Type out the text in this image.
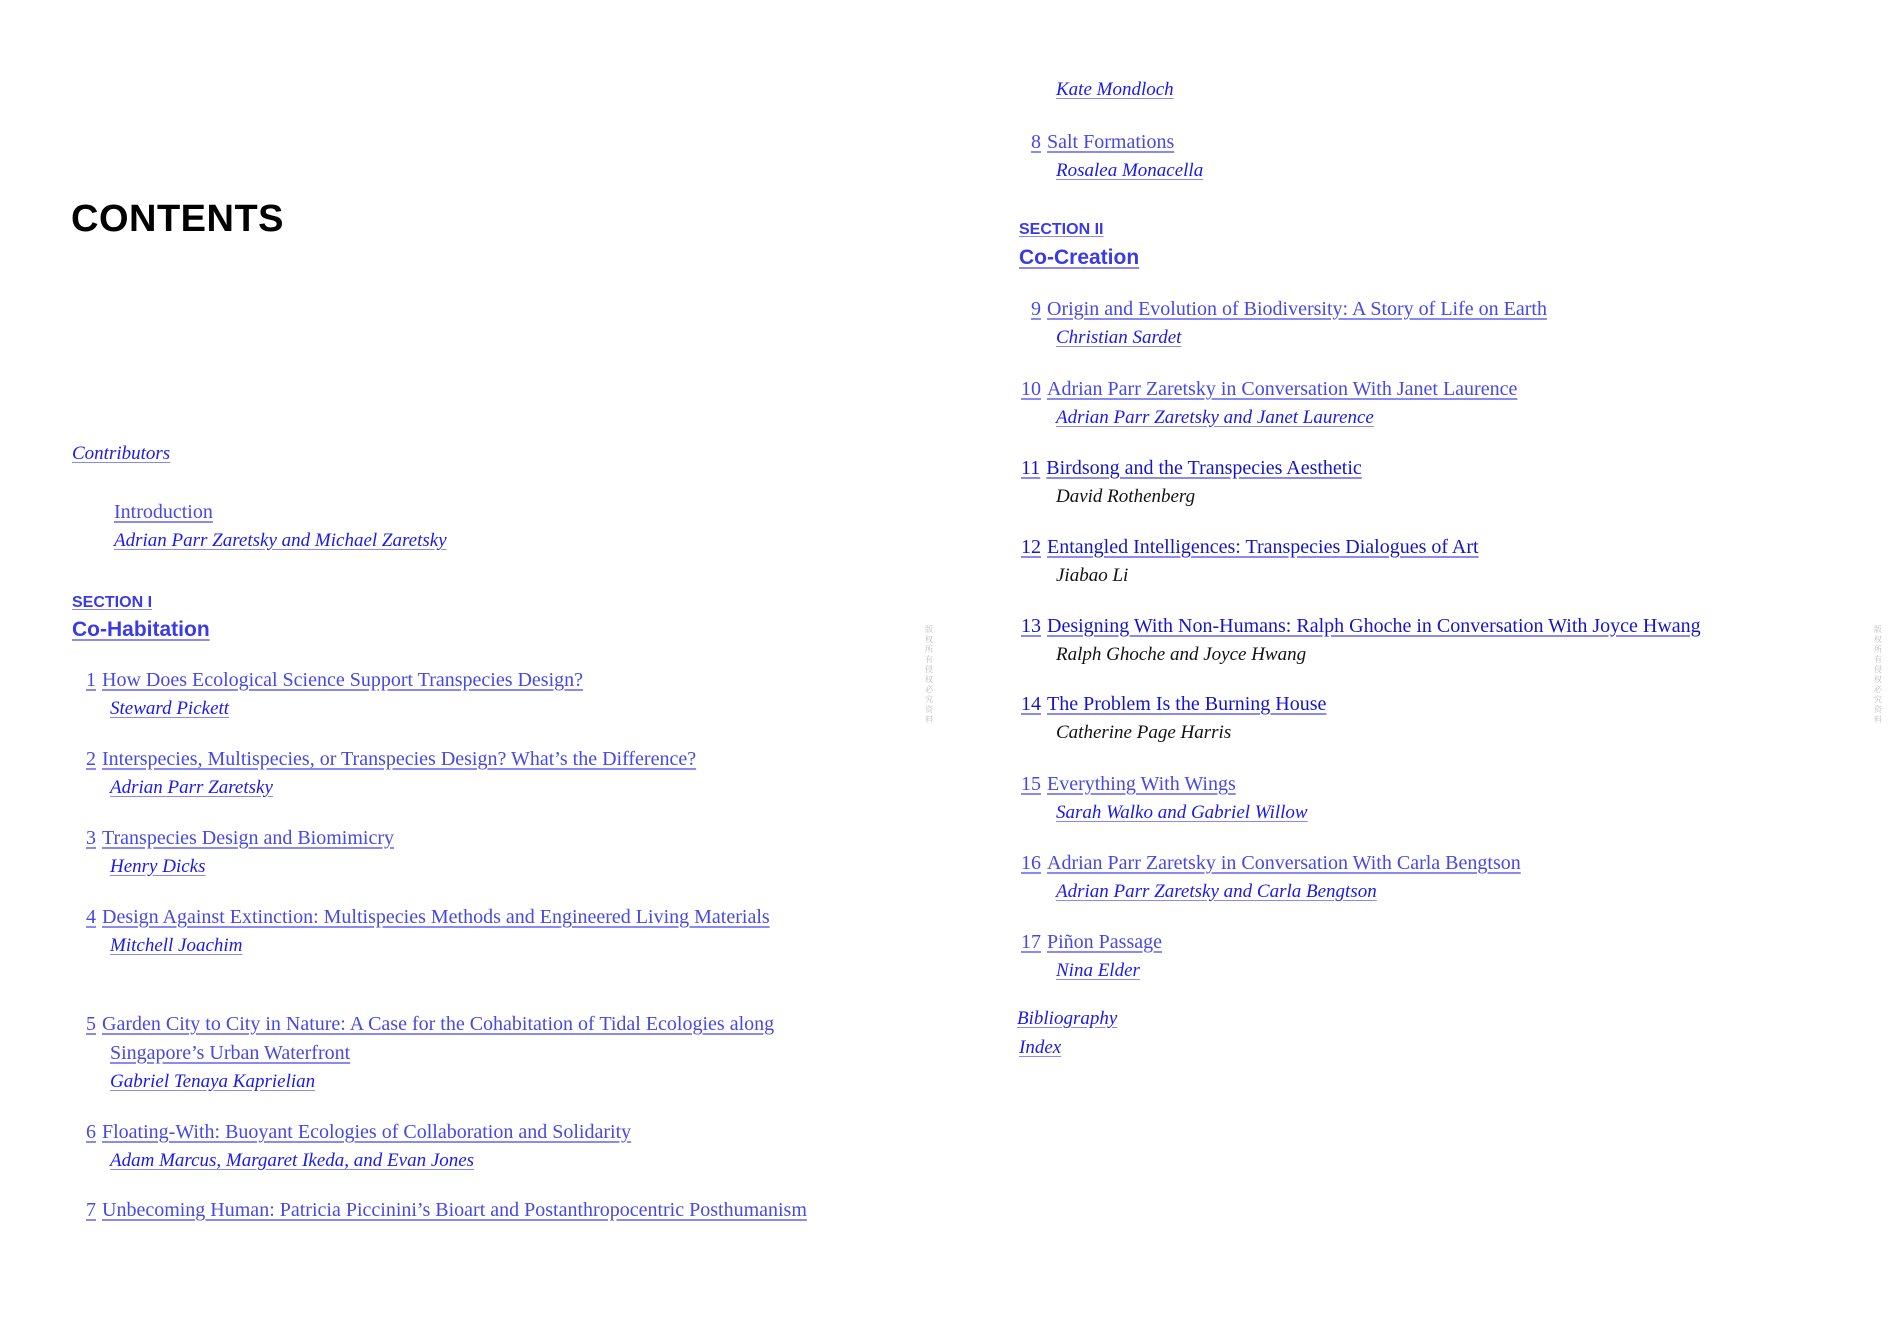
CONTENTS
Contributors
Introduction
Adrian Parr Zaretsky and Michael Zaretsky
SECTION I
Co-Habitation
1 How Does Ecological Science Support Transpecies Design?
Steward Pickett
2 Interspecies, Multispecies, or Transpecies Design? What’s the Difference?
Adrian Parr Zaretsky
3 Transpecies Design and Biomimicry
Henry Dicks
4 Design Against Extinction: Multispecies Methods and Engineered Living Materials
Mitchell Joachim
5 Garden City to City in Nature: A Case for the Cohabitation of Tidal Ecologies along Singapore’s Urban Waterfront
Gabriel Tenaya Kaprielian
6 Floating-With: Buoyant Ecologies of Collaboration and Solidarity
Adam Marcus, Margaret Ikeda, and Evan Jones
7 Unbecoming Human: Patricia Piccinini’s Bioart and Postanthropocentric Posthumanism
版权所有侵权必究资料
Kate Mondloch
8 Salt Formations
Rosalea Monacella
SECTION II
Co-Creation
9 Origin and Evolution of Biodiversity: A Story of Life on Earth
Christian Sardet
10 Adrian Parr Zaretsky in Conversation With Janet Laurence
Adrian Parr Zaretsky and Janet Laurence
11 Birdsong and the Transpecies Aesthetic
David Rothenberg
12 Entangled Intelligences: Transpecies Dialogues of Art
Jiabao Li
13 Designing With Non-Humans: Ralph Ghoche in Conversation With Joyce Hwang
Ralph Ghoche and Joyce Hwang
14 The Problem Is the Burning House
Catherine Page Harris
15 Everything With Wings
Sarah Walko and Gabriel Willow
16 Adrian Parr Zaretsky in Conversation With Carla Bengtson
Adrian Parr Zaretsky and Carla Bengtson
17 Piñon Passage
Nina Elder
Bibliography
Index
版权所有侵权必究资料
